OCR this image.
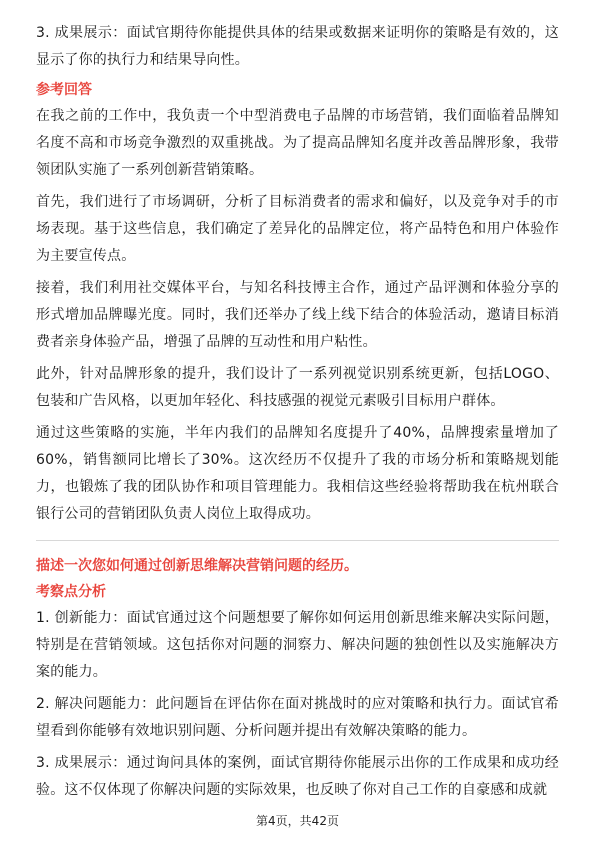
3. 成果展示：面试官期待你能提供具体的结果或数据来证明你的策略是有效的，这显示了你的执行力和结果导向性。

参考回答

在我之前的工作中，我负责一个中型消费电子品牌的市场营销，我们面临着品牌知名度不高和市场竞争激烈的双重挑战。为了提高品牌知名度并改善品牌形象，我带领团队实施了一系列创新营销策略。

首先，我们进行了市场调研，分析了目标消费者的需求和偏好，以及竞争对手的市场表现。基于这些信息，我们确定了差异化的品牌定位，将产品特色和用户体验作为主要宣传点。

接着，我们利用社交媒体平台，与知名科技博主合作，通过产品评测和体验分享的形式增加品牌曝光度。同时，我们还举办了线上线下结合的体验活动，邀请目标消费者亲身体验产品，增强了品牌的互动性和用户粘性。

此外，针对品牌形象的提升，我们设计了一系列视觉识别系统更新，包括LOGO、包装和广告风格，以更加年轻化、科技感强的视觉元素吸引目标用户群体。

通过这些策略的实施，半年内我们的品牌知名度提升了40%，品牌搜索量增加了60%，销售额同比增长了30%。这次经历不仅提升了我的市场分析和策略规划能力，也锻炼了我的团队协作和项目管理能力。我相信这些经验将帮助我在杭州联合银行公司的营销团队负责人岗位上取得成功。

描述一次您如何通过创新思维解决营销问题的经历。
考察点分析

1. 创新能力：面试官通过这个问题想要了解你如何运用创新思维来解决实际问题，特别是在营销领域。这包括你对问题的洞察力、解决问题的独创性以及实施解决方案的能力。

2. 解决问题能力：此问题旨在评估你在面对挑战时的应对策略和执行力。面试官希望看到你能够有效地识别问题、分析问题并提出有效解决策略的能力。

3. 成果展示：通过询问具体的案例，面试官期待你能展示出你的工作成果和成功经验。这不仅体现了你解决问题的实际效果，也反映了你对自己工作的自豪感和成就

第4页，共42页
